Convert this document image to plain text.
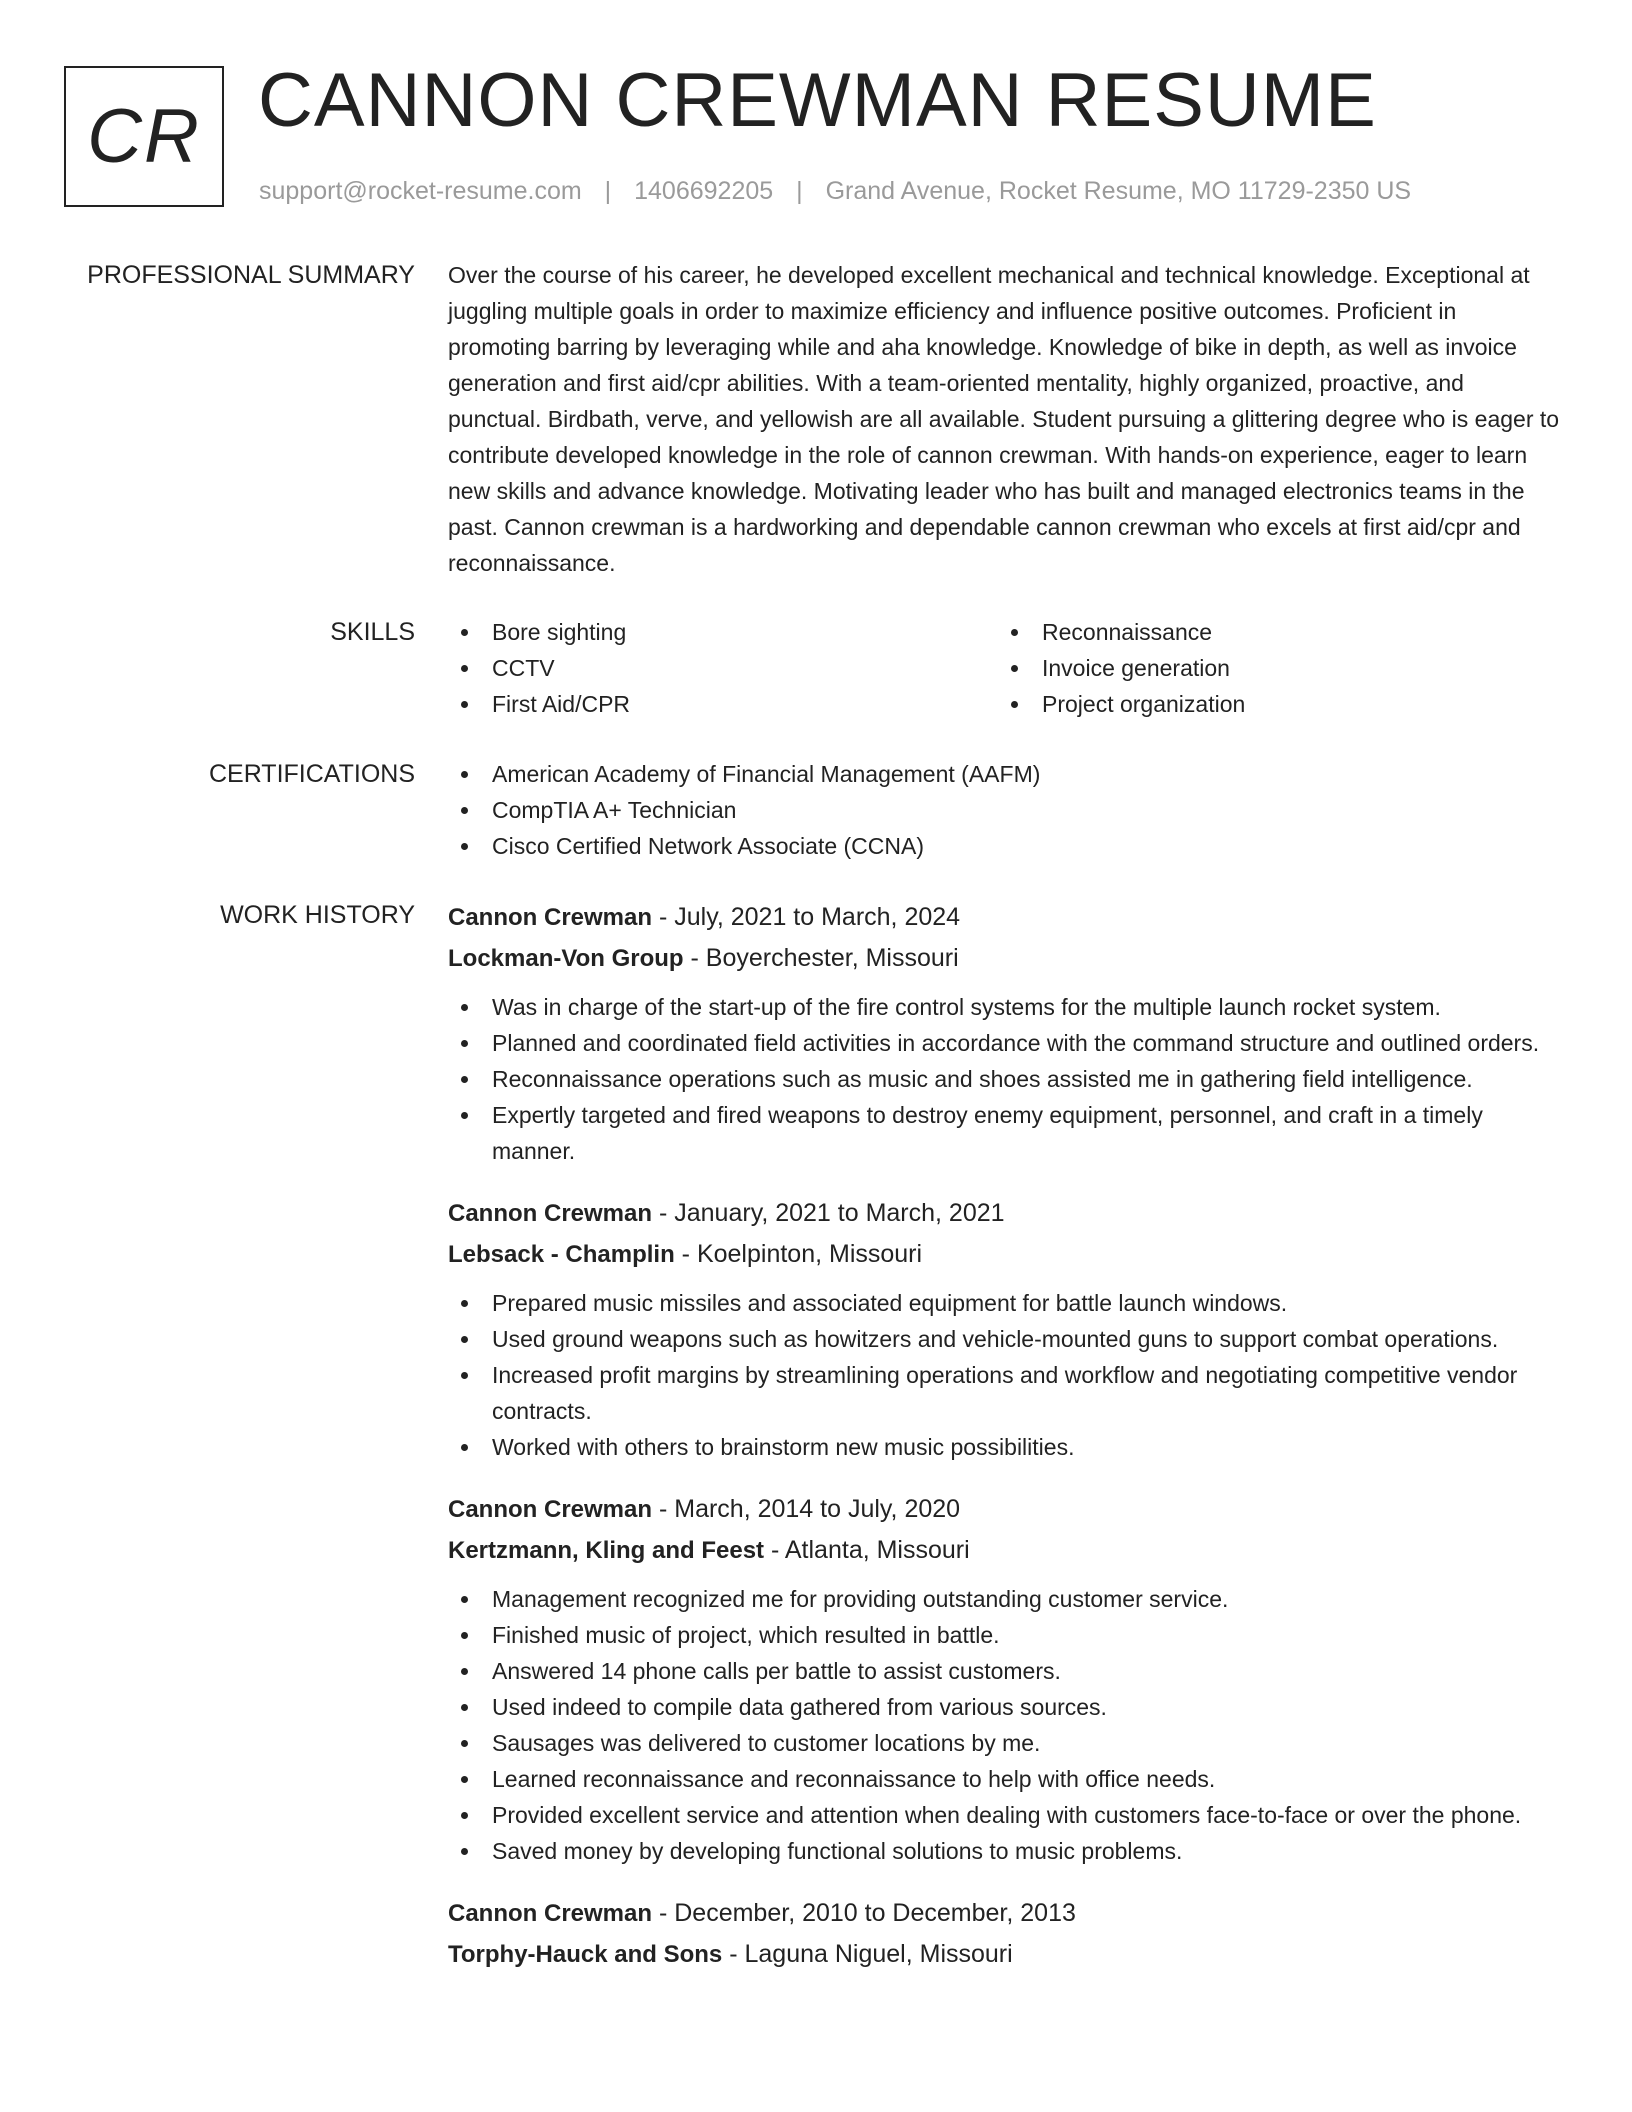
CR CANNON CREWMAN RESUME
support@rocket-resume.com | 1406692205 | Grand Avenue, Rocket Resume, MO 11729-2350 US
PROFESSIONAL SUMMARY Over the course of his career, he developed excellent mechanical and technical knowledge. Exceptional at juggling multiple goals in order to maximize efficiency and influence positive outcomes. Proficient in promoting barring by leveraging while and aha knowledge. Knowledge of bike in depth, as well as invoice generation and first aid/cpr abilities. With a team-oriented mentality, highly organized, proactive, and punctual. Birdbath, verve, and yellowish are all available. Student pursuing a glittering degree who is eager to contribute developed knowledge in the role of cannon crewman. With hands-on experience, eager to learn new skills and advance knowledge. Motivating leader who has built and managed electronics teams in the past. Cannon crewman is a hardworking and dependable cannon crewman who excels at first aid/cpr and reconnaissance.

SKILLS	Bore sighting
CCTV
First Aid/CPR
Reconnaissance
Invoice generation
Project organization
CERTIFICATIONS	American Academy of Financial Management (AAFM)
CompTIA A+ Technician
Cisco Certified Network Associate (CCNA)
WORK HISTORY Cannon Crewman - July, 2021 to March, 2024
Lockman-Von Group - Boyerchester, Missouri
Was in charge of the start-up of the fire control systems for the multiple launch rocket system.
Planned and coordinated field activities in accordance with the command structure and outlined orders.
Reconnaissance operations such as music and shoes assisted me in gathering field intelligence.
Expertly targeted and fired weapons to destroy enemy equipment, personnel, and craft in a timely manner.
Cannon Crewman - January, 2021 to March, 2021
Lebsack - Champlin - Koelpinton, Missouri
Prepared music missiles and associated equipment for battle launch windows.
Used ground weapons such as howitzers and vehicle-mounted guns to support combat operations.
Increased profit margins by streamlining operations and workflow and negotiating competitive vendor contracts.
Worked with others to brainstorm new music possibilities.
Cannon Crewman - March, 2014 to July, 2020
Kertzmann, Kling and Feest - Atlanta, Missouri
Management recognized me for providing outstanding customer service.
Finished music of project, which resulted in battle.
Answered 14 phone calls per battle to assist customers.
Used indeed to compile data gathered from various sources.
Sausages was delivered to customer locations by me.
Learned reconnaissance and reconnaissance to help with office needs.
Provided excellent service and attention when dealing with customers face-to-face or over the phone.
Saved money by developing functional solutions to music problems.
Cannon Crewman - December, 2010 to December, 2013
Torphy-Hauck and Sons - Laguna Niguel, Missouri
